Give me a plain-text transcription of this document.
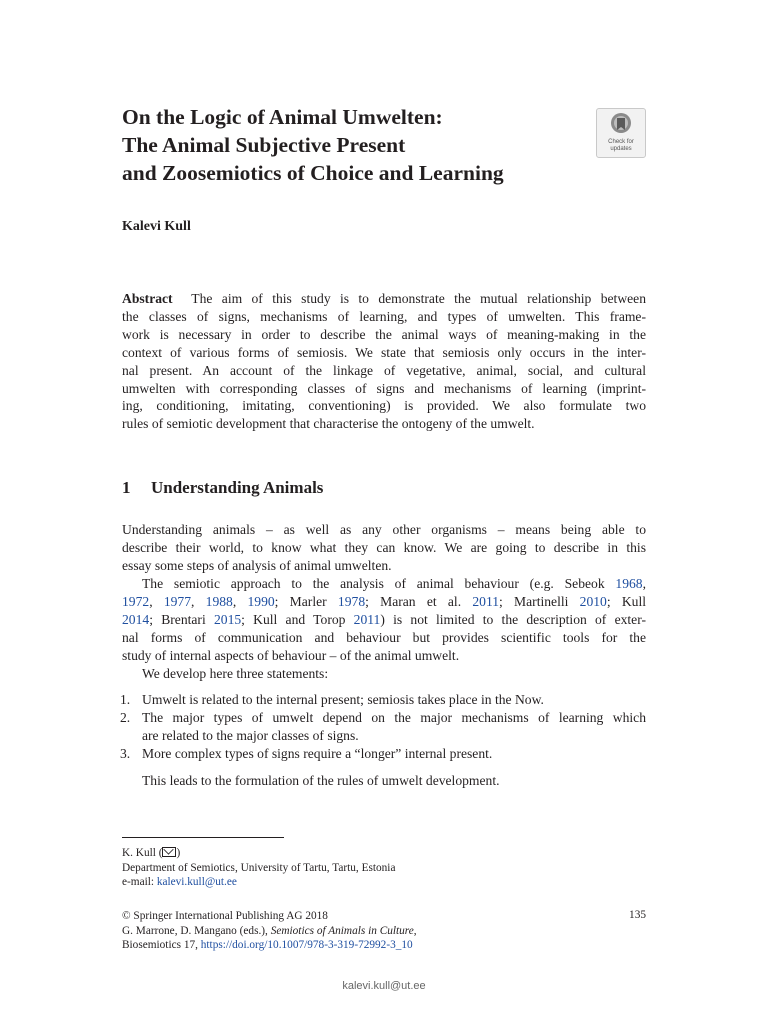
On the Logic of Animal Umwelten:
The Animal Subjective Present
and Zoosemiotics of Choice and Learning
Check for
updates
Kalevi Kull
Abstract The aim of this study is to demonstrate the mutual relationship between
the classes of signs, mechanisms of learning, and types of umwelten. This frame-
work is necessary in order to describe the animal ways of meaning-making in the
context of various forms of semiosis. We state that semiosis only occurs in the inter-
nal present. An account of the linkage of vegetative, animal, social, and cultural
umwelten with corresponding classes of signs and mechanisms of learning (imprint-
ing, conditioning, imitating, conventioning) is provided. We also formulate two
rules of semiotic development that characterise the ontogeny of the umwelt.
1 Understanding Animals
Understanding animals – as well as any other organisms – means being able to
describe their world, to know what they can know. We are going to describe in this
essay some steps of analysis of animal umwelten.
The semiotic approach to the analysis of animal behaviour (e.g. Sebeok 1968,
1972, 1977, 1988, 1990; Marler 1978; Maran et al. 2011; Martinelli 2010; Kull
2014; Brentari 2015; Kull and Torop 2011) is not limited to the description of exter-
nal forms of communication and behaviour but provides scientific tools for the
study of internal aspects of behaviour – of the animal umwelt.
We develop here three statements:
1. Umwelt is related to the internal present; semiosis takes place in the Now.
2. The major types of umwelt depend on the major mechanisms of learning which
are related to the major classes of signs.
3. More complex types of signs require a “longer” internal present.
This leads to the formulation of the rules of umwelt development.
K. Kull ( )
Department of Semiotics, University of Tartu, Tartu, Estonia
e-mail: kalevi.kull@ut.ee
© Springer International Publishing AG 2018
G. Marrone, D. Mangano (eds.), Semiotics of Animals in Culture,
Biosemiotics 17, https://doi.org/10.1007/978-3-319-72992-3_10
135
kalevi.kull@ut.ee
